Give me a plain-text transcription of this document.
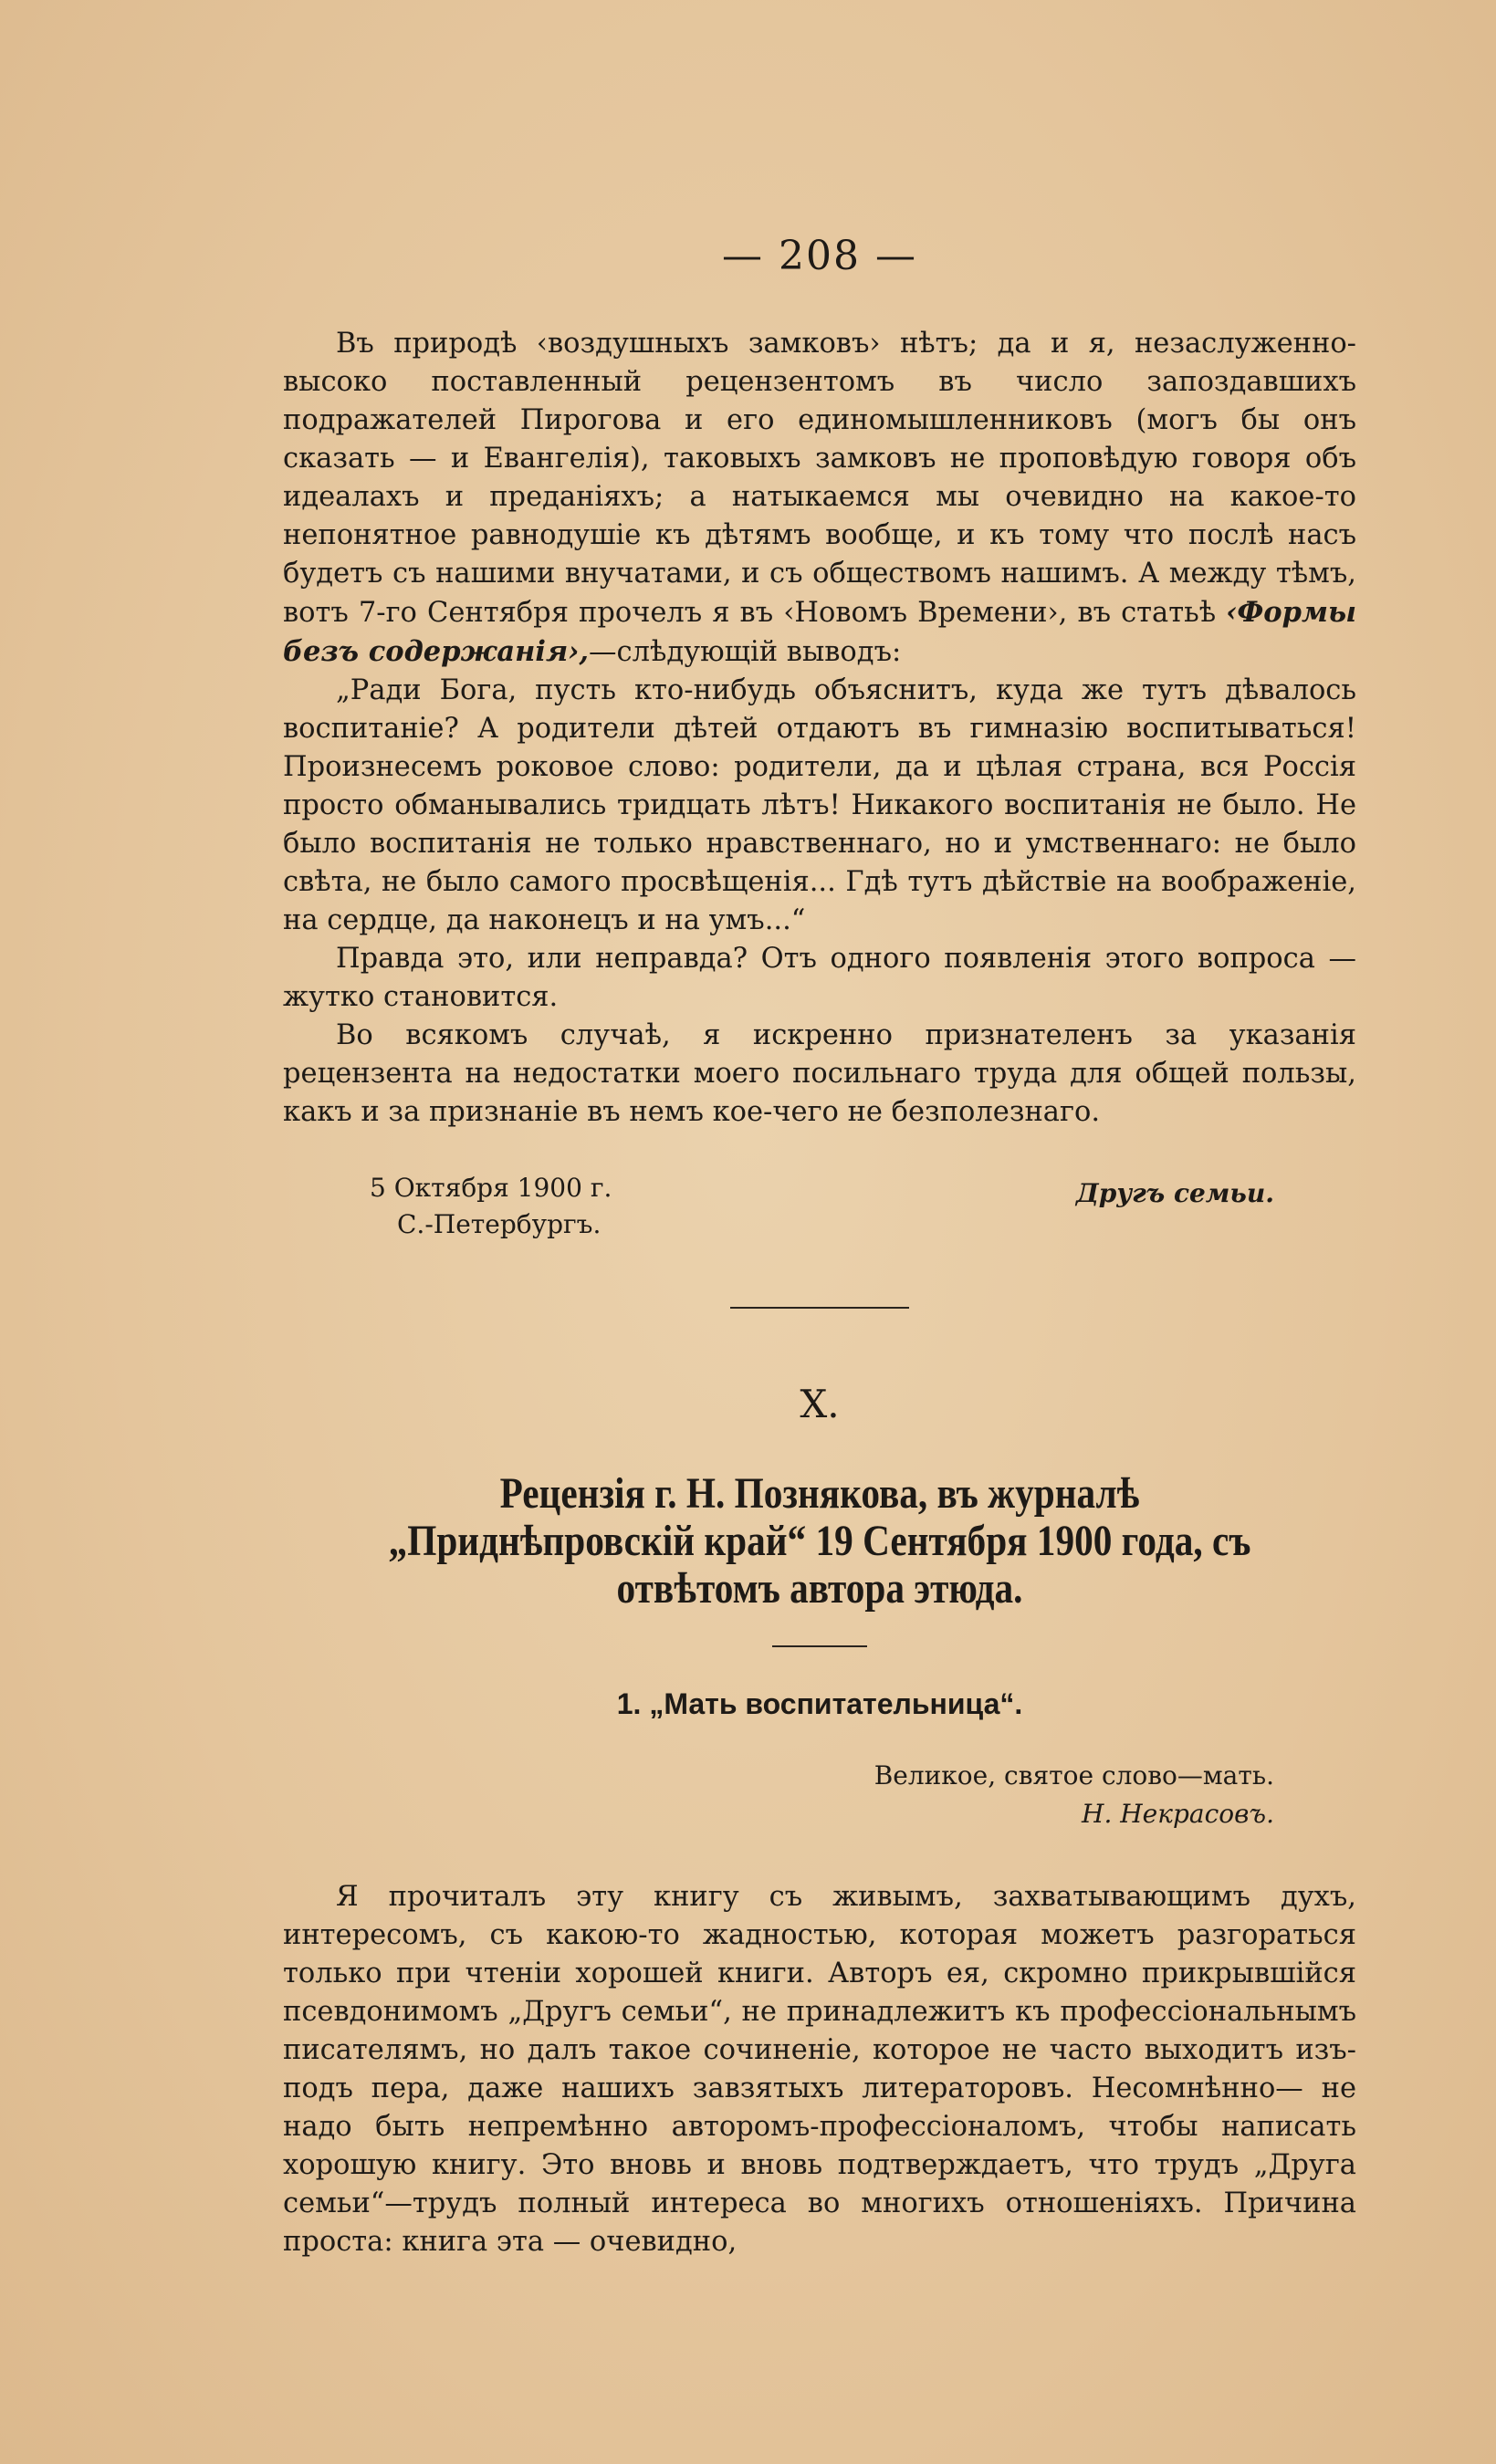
— 208 —

Въ природѣ ‹воздушныхъ замковъ› нѣтъ; да и я, незаслуженно-высоко поставленный рецензентомъ въ число запоздавшихъ подражателей Пирогова и его единомышленниковъ (могъ бы онъ сказать — и Евангелія), таковыхъ замковъ не проповѣдую говоря объ идеалахъ и преданіяхъ; а натыкаемся мы очевидно на какое-то непонятное равнодушіе къ дѣтямъ вообще, и къ тому что послѣ насъ будетъ съ нашими внучатами, и съ обществомъ нашимъ. А между тѣмъ, вотъ 7-го Сентября прочелъ я въ ‹Новомъ Времени›, въ статьѣ ‹Формы безъ содержанія›,—слѣдующій выводъ:

„Ради Бога, пусть кто-нибудь объяснитъ, куда же тутъ дѣвалось воспитаніе? А родители дѣтей отдаютъ въ гимназію воспитываться! Произнесемъ роковое слово: родители, да и цѣлая страна, вся Россія просто обманывались тридцать лѣтъ! Никакого воспитанія не было. Не было воспитанія не только нравственнаго, но и умственнаго: не было свѣта, не было самого просвѣщенія... Гдѣ тутъ дѣйствіе на воображеніе, на сердце, да наконецъ и на умъ...“

Правда это, или неправда? Отъ одного появленія этого вопроса — жутко становится.

Во всякомъ случаѣ, я искренно признателенъ за указанія рецензента на недостатки моего посильнаго труда для общей пользы, какъ и за признаніе въ немъ кое-чего не безполезнаго.

5 Октября 1900 г.
С.-Петербургъ.
Другъ семьи.
X.
Рецензія г. Н. Познякова, въ журналѣ „Приднѣпровскій край“ 19 Сентября 1900 года, съ отвѣтомъ автора этюда.
1. „Мать воспитательница“.
Великое, святое слово—мать.
Н. Некрасовъ.

Я прочиталъ эту книгу съ живымъ, захватывающимъ духъ, интересомъ, съ какою-то жадностью, которая можетъ разгораться только при чтеніи хорошей книги. Авторъ ея, скромно прикрывшійся псевдонимомъ „Другъ семьи“, не принадлежитъ къ профессіональнымъ писателямъ, но далъ такое сочиненіе, которое не часто выходитъ изъ-подъ пера, даже нашихъ завзятыхъ литераторовъ. Несомнѣнно— не надо быть непремѣнно авторомъ-профессіоналомъ, чтобы написать хорошую книгу. Это вновь и вновь подтверждаетъ, что трудъ „Друга семьи“—трудъ полный интереса во многихъ отношеніяхъ. Причина проста: книга эта — очевидно,
